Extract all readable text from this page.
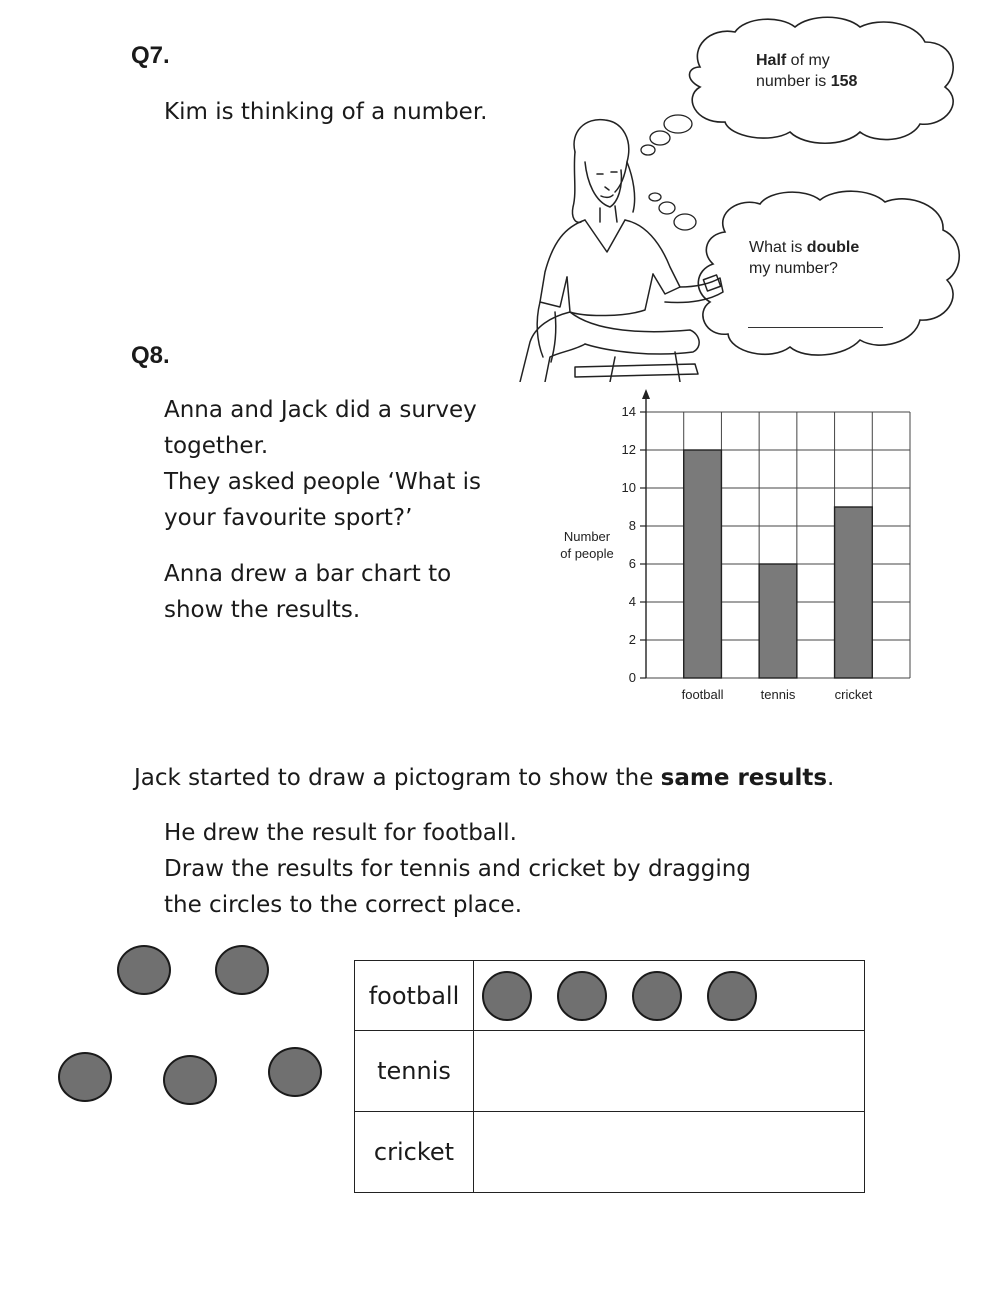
Q7.
Kim is thinking of a number.
Half of my
number is 158
What is double
my number?
Q8.

Anna and Jack did a survey

together.

They asked people ‘What is

your favourite sport?’

Anna drew a bar chart to

show the results.

0
2
4
6
8
10
12
14
football	tennis	cricket
Number
of people
Jack started to draw a pictogram to show the same results.

He drew the result for football.

Draw the results for tennis and cricket by dragging

the circles to the correct place.

football	
tennis	
cricket	
